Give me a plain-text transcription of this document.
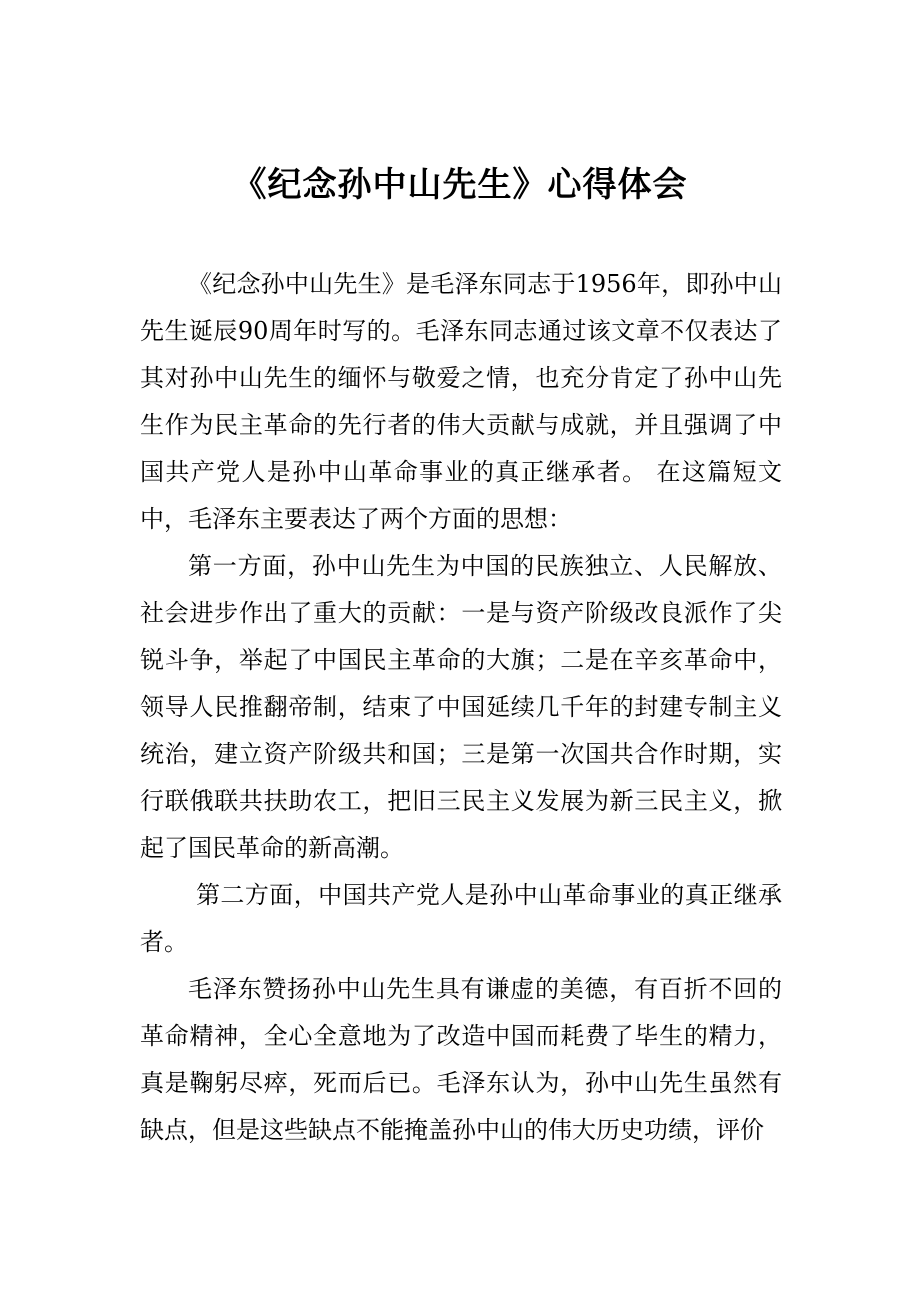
《纪念孙中山先生》心得体会

《纪念孙中山先生》是毛泽东同志于1956年，即孙中山先生诞辰90周年时写的。毛泽东同志通过该文章不仅表达了其对孙中山先生的缅怀与敬爱之情，也充分肯定了孙中山先生作为民主革命的先行者的伟大贡献与成就，并且强调了中国共产党人是孙中山革命事业的真正继承者。 在这篇短文中，毛泽东主要表达了两个方面的思想：

第一方面，孙中山先生为中国的民族独立、人民解放、社会进步作出了重大的贡献：一是与资产阶级改良派作了尖锐斗争，举起了中国民主革命的大旗；二是在辛亥革命中，领导人民推翻帝制，结束了中国延续几千年的封建专制主义统治，建立资产阶级共和国；三是第一次国共合作时期，实行联俄联共扶助农工，把旧三民主义发展为新三民主义，掀起了国民革命的新高潮。

第二方面，中国共产党人是孙中山革命事业的真正继承者。

毛泽东赞扬孙中山先生具有谦虚的美德，有百折不回的革命精神，全心全意地为了改造中国而耗费了毕生的精力，真是鞠躬尽瘁，死而后已。毛泽东认为，孙中山先生虽然有缺点，但是这些缺点不能掩盖孙中山的伟大历史功绩，评价
